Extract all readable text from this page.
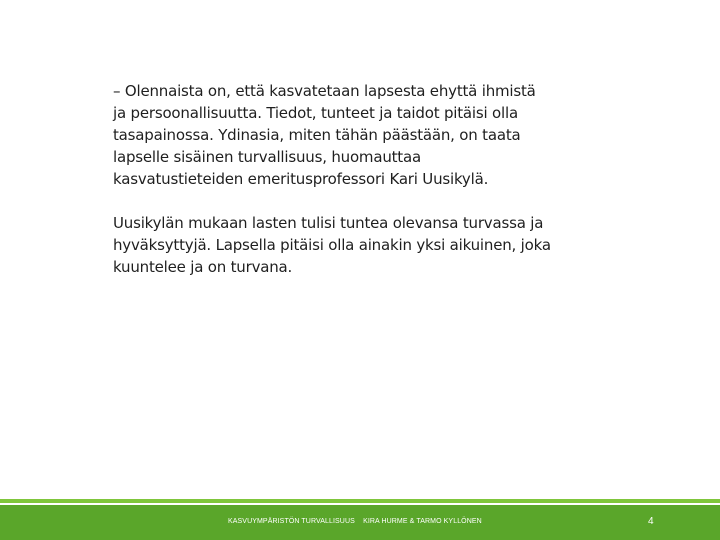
– Olennaista on, että kasvatetaan lapsesta ehyttä ihmistä ja persoonallisuutta. Tiedot, tunteet ja taidot pitäisi olla tasapainossa. Ydinasia, miten tähän päästään, on taata lapselle sisäinen turvallisuus, huomauttaa kasvatustieteiden emeritusprofessori Kari Uusikylä.

Uusikylän mukaan lasten tulisi tuntea olevansa turvassa ja hyväksyttyjä. Lapsella pitäisi olla ainakin yksi aikuinen, joka kuuntelee ja on turvana.

KASVUYMPÄRISTÖN TURVALLISUUS    KIRA HURME & TARMO KYLLÖNEN	4
